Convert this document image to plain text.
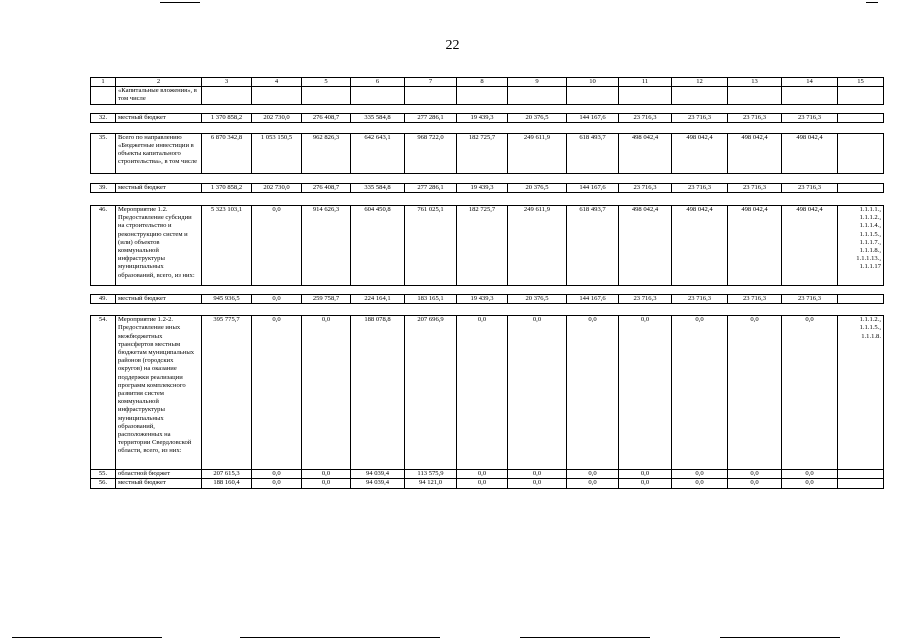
22
1	2	3	4	5	6	7	8	9	10	11	12	13	14	15
	«Капитальные вложения», в том числе													

32.	местный бюджет	1 370 858,2	202 730,0	276 408,7	335 584,8	277 286,1	19 439,3	20 376,5	144 167,6	23 716,3	23 716,3	23 716,3	23 716,3	

35.	Всего по направлению «Бюджетные инвестиции в объекты капитального строительства», в том числе	6 870 342,8	1 053 150,5	962 826,3	642 643,1	968 722,0	182 725,7	249 611,9	618 493,7	498 042,4	498 042,4	498 042,4	498 042,4	

39.	местный бюджет	1 370 858,2	202 730,0	276 408,7	335 584,8	277 286,1	19 439,3	20 376,5	144 167,6	23 716,3	23 716,3	23 716,3	23 716,3	

46.	Мероприятие 1.2. Предоставление субсидии на строительство и реконструкцию систем и (или) объектов коммунальной инфраструктуры муниципальных образований, всего, из них:	5 323 103,1	0,0	914 626,3	604 450,8	761 025,1	182 725,7	249 611,9	618 493,7	498 042,4	498 042,4	498 042,4	498 042,4	1.1.1.1., 1.1.1.2., 1.1.1.4., 1.1.1.5., 1.1.1.7., 1.1.1.8., 1.1.1.13., 1.1.1.17

49.	местный бюджет	945 936,5	0,0	259 758,7	224 164,1	183 165,1	19 439,3	20 376,5	144 167,6	23 716,3	23 716,3	23 716,3	23 716,3	

54.	Мероприятие 1.2-2. Предоставление иных межбюджетных трансфертов местным бюджетам муниципальных районов (городских округов) на оказание поддержки реализации программ комплексного развития систем коммунальной инфраструктуры муниципальных образований, расположенных на территории Свердловской области, всего, из них:	395 775,7	0,0	0,0	188 078,8	207 696,9	0,0	0,0	0,0	0,0	0,0	0,0	0,0	1.1.1.2., 1.1.1.5., 1.1.1.8.
55.	областной бюджет	207 615,3	0,0	0,0	94 039,4	113 575,9	0,0	0,0	0,0	0,0	0,0	0,0	0,0	
56.	местный бюджет	188 160,4	0,0	0,0	94 039,4	94 121,0	0,0	0,0	0,0	0,0	0,0	0,0	0,0	
